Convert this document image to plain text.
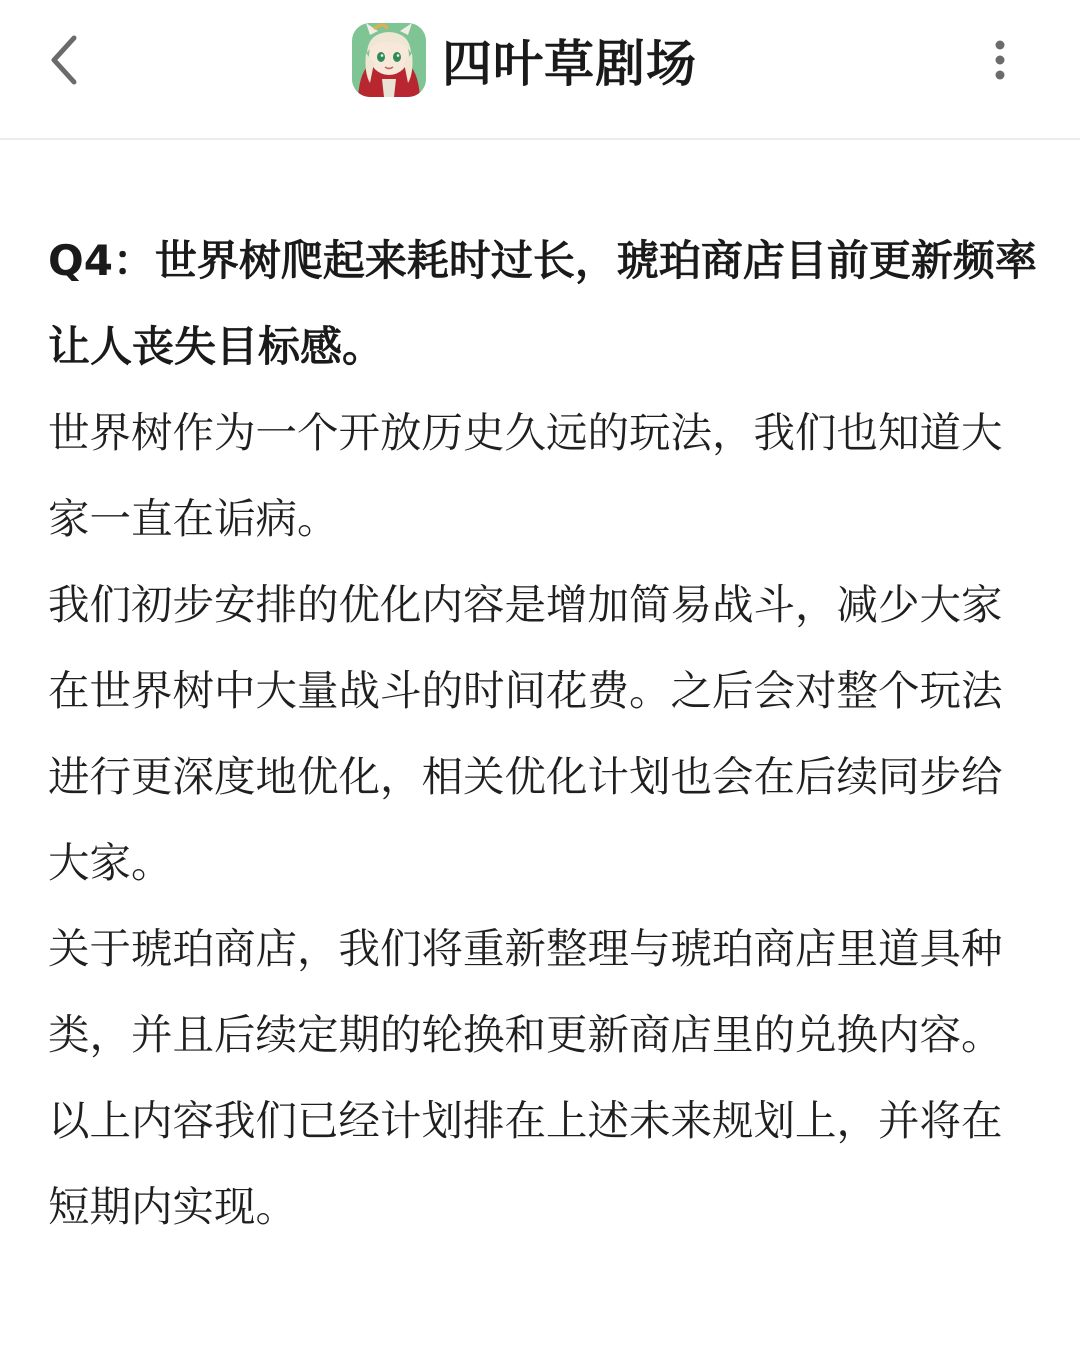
四叶草剧场

Q4：世界树爬起来耗时过长，琥珀商店目前更新频率让人丧失目标感。

世界树作为一个开放历史久远的玩法，我们也知道大家一直在诟病。

我们初步安排的优化内容是增加简易战斗，减少大家在世界树中大量战斗的时间花费。之后会对整个玩法进行更深度地优化，相关优化计划也会在后续同步给大家。

关于琥珀商店，我们将重新整理与琥珀商店里道具种类，并且后续定期的轮换和更新商店里的兑换内容。以上内容我们已经计划排在上述未来规划上，并将在短期内实现。
